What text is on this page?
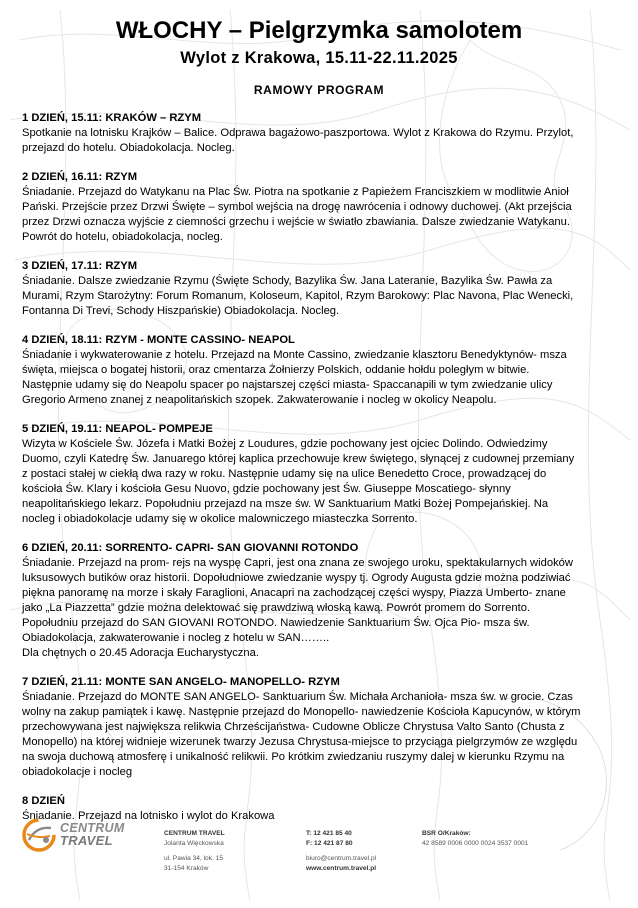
WŁOCHY – Pielgrzymka samolotem
Wylot z Krakowa, 15.11-22.11.2025
RAMOWY PROGRAM
1 DZIEŃ, 15.11: KRAKÓW – RZYM
Spotkanie na lotnisku Krajków – Balice. Odprawa bagażowo-paszportowa. Wylot z Krakowa do Rzymu. Przylot,
przejazd do hotelu. Obiadokolacja. Nocleg.
2 DZIEŃ, 16.11: RZYM
Śniadanie. Przejazd do Watykanu na Plac Św. Piotra na spotkanie z Papieżem Franciszkiem w modlitwie Anioł
Pański. Przejście przez Drzwi Święte – symbol wejścia na drogę nawrócenia i odnowy duchowej. (Akt przejścia
przez Drzwi oznacza wyjście z ciemności grzechu i wejście w światło zbawiania. Dalsze zwiedzanie Watykanu.
Powrót do hotelu, obiadokolacja, nocleg.
3 DZIEŃ, 17.11: RZYM
Śniadanie. Dalsze zwiedzanie Rzymu (Święte Schody, Bazylika Św. Jana Lateranie, Bazylika Św. Pawła za
Murami, Rzym Starożytny: Forum Romanum, Koloseum, Kapitol, Rzym Barokowy: Plac Navona, Plac Wenecki,
Fontanna Di Trevi, Schody Hiszpańskie) Obiadokolacja. Nocleg.
4 DZIEŃ, 18.11: RZYM - MONTE CASSINO- NEAPOL
Śniadanie i wykwaterowanie z hotelu. Przejazd na Monte Cassino, zwiedzanie klasztoru Benedyktynów- msza
święta, miejsca o bogatej historii, oraz cmentarza Żołnierzy Polskich, oddanie hołdu poległym w bitwie.
Następnie udamy się do Neapolu spacer po najstarszej części miasta- Spaccanapili w tym zwiedzanie ulicy
Gregorio Armeno znanej z neapolitańskich szopek. Zakwaterowanie i nocleg w okolicy Neapolu.
5 DZIEŃ, 19.11: NEAPOL- POMPEJE
Wizyta w Kościele Św. Józefa i Matki Bożej z Loudures, gdzie pochowany jest ojciec Dolindo. Odwiedzimy
Duomo, czyli Katedrę Św. Januarego której kaplica przechowuje krew świętego, słynącej z cudownej przemiany
z postaci stałej w ciekłą dwa razy w roku. Następnie udamy się na ulice Benedetto Croce, prowadzącej do
kościoła Św. Klary i kościoła Gesu Nuovo, gdzie pochowany jest Św. Giuseppe Moscatiego- słynny
neapolitańskiego lekarz. Popołudniu przejazd na msze św. W Sanktuarium Matki Bożej Pompejańskiej. Na
nocleg i obiadokolacje udamy się w okolice malowniczego miasteczka Sorrento.
6 DZIEŃ, 20.11: SORRENTO- CAPRI- SAN GIOVANNI ROTONDO
Śniadanie. Przejazd na prom- rejs na wyspę Capri, jest ona znana ze swojego uroku, spektakularnych widoków
luksusowych butików oraz historii. Dopołudniowe zwiedzanie wyspy tj. Ogrody Augusta gdzie można podziwiać
piękna panoramę na morze i skały Faraglioni, Anacapri na zachodzącej części wyspy, Piazza Umberto- znane
jako „La Piazzetta” gdzie można delektować się prawdziwą włoską kawą. Powrót promem do Sorrento.
Popołudniu przejazd do SAN GIOVANI ROTONDO. Nawiedzenie Sanktuarium Św. Ojca Pio- msza św.
Obiadokolacja, zakwaterowanie i nocleg z hotelu w SAN……..
Dla chętnych o 20.45 Adoracja Eucharystyczna.
7 DZIEŃ, 21.11: MONTE SAN ANGELO- MANOPELLO- RZYM
Śniadanie. Przejazd do MONTE SAN ANGELO- Sanktuarium Św. Michała Archanioła- msza św. w grocie. Czas
wolny na zakup pamiątek i kawę. Następnie przejazd do Monopello- nawiedzenie Kościoła Kapucynów, w którym
przechowywana jest największa relikwia Chrześcijaństwa- Cudowne Oblicze Chrystusa Valto Santo (Chusta z
Monopello) na której widnieje wizerunek twarzy Jezusa Chrystusa-miejsce to przyciąga pielgrzymów ze względu
na swoja duchową atmosferę i unikalność relikwii. Po krótkim zwiedzaniu ruszymy dalej w kierunku Rzymu na
obiadokolacje i nocleg
8 DZIEŃ
Śniadanie. Przejazd na lotnisko i wylot do Krakowa
CENTRUM
TRAVEL	CENTRUM TRAVEL
Jolanta Więckowska
ul. Pawia 34, lok. 15
31-154 Kraków
T: 12 421 85 40
F: 12 421 87 80
biuro@centrum.travel.pl
www.centrum.travel.pl
BSR O/Kraków:
42 8589 0006 0000 0024 3537 0001
